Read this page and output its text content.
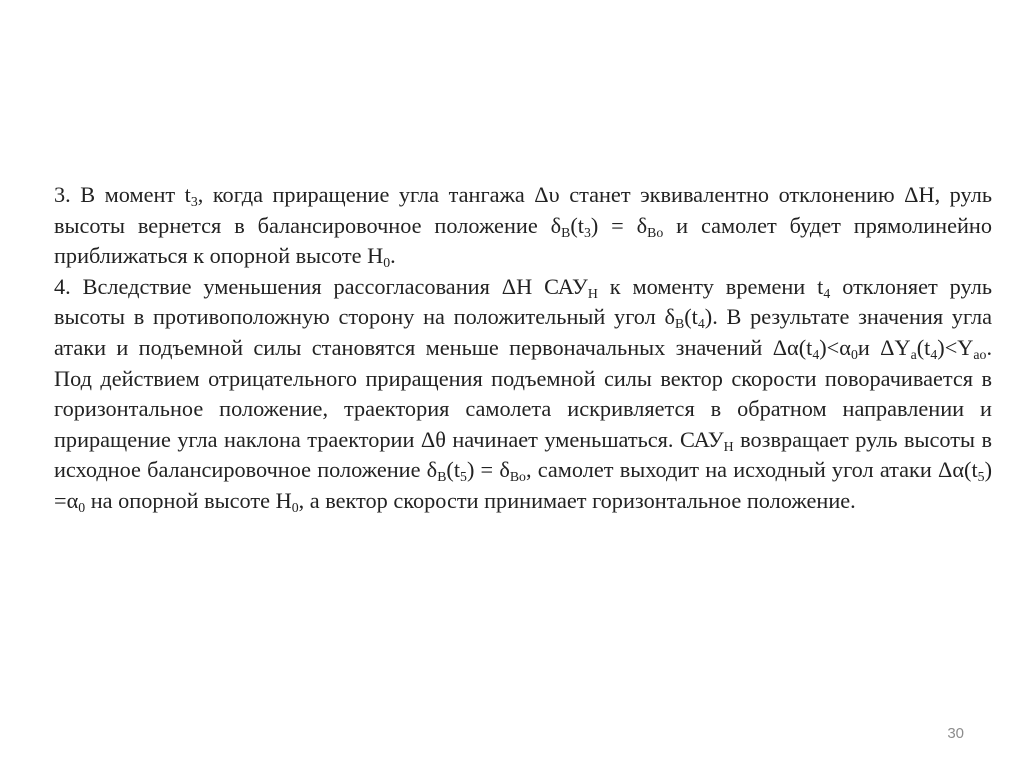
3. В момент $t_3$, когда приращение угла тангажа Δυ станет эквивалентно отклонению ΔH, руль высоты вернется в балансировочное положение $\delta_В(t_3) = \delta_{Во}$ и самолет будет прямолинейно приближаться к опорной высоте $H_0$.

4. Вследствие уменьшения рассогласования ΔH $САУ_H$ к моменту времени $t_4$ отклоняет руль высоты в противоположную сторону на положительный угол $\delta_В(t_4)$. В результате значения угла атаки и подъемной силы становятся меньше первоначальных значений $\Delta\alpha(t_4)<\alpha_0и$ $\Delta Y_a(t_4)<Y_{ao}$. Под действием отрицательного приращения подъемной силы вектор скорости поворачивается в горизонтальное положение, траектория самолета искривляется в обратном направлении и приращение угла наклона траектории Δθ начинает уменьшаться. $САУ_H$ возвращает руль высоты в исходное балансировочное положение $\delta_В(t_5) = \delta_{Во}$, самолет выходит на исходный угол атаки $\Delta\alpha(t_5) =\alpha_0$ на опорной высоте $H_0$, а вектор скорости принимает горизонтальное положение.

30
